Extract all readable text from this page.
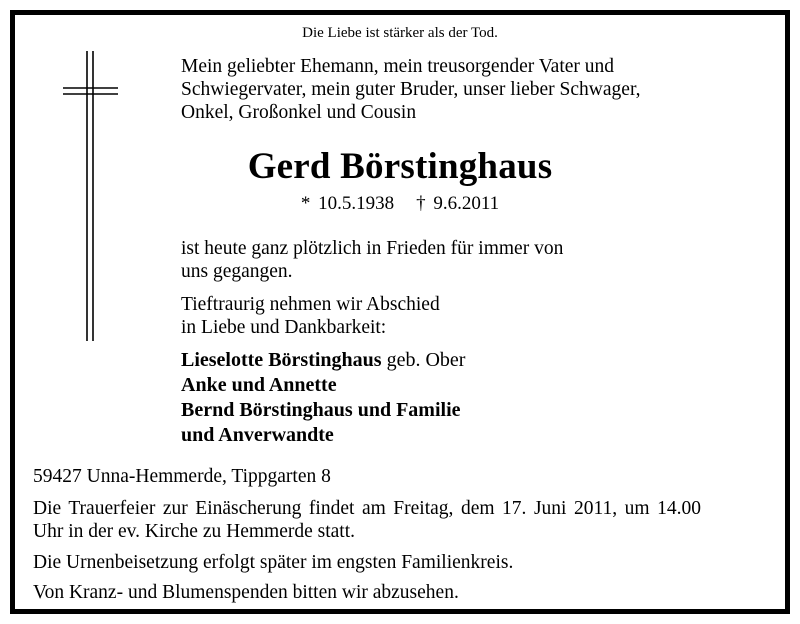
Die Liebe ist stärker als der Tod.
Mein geliebter Ehemann, mein treusorgender Vater und
Schwiegervater, mein guter Bruder, unser lieber Schwager,
Onkel, Großonkel und Cousin
Gerd Börstinghaus
* 10.5.1938 † 9.6.2011
ist heute ganz plötzlich in Frieden für immer von
uns gegangen.
Tieftraurig nehmen wir Abschied
in Liebe und Dankbarkeit:
Lieselotte Börstinghaus geb. Ober
Anke und Annette
Bernd Börstinghaus und Familie
und Anverwandte
59427 Unna-Hemmerde, Tippgarten 8
Die Trauerfeier zur Einäscherung findet am Freitag, dem 17. Juni 2011, um 14.00 Uhr in der ev. Kirche zu Hemmerde statt.
Die Urnenbeisetzung erfolgt später im engsten Familienkreis.
Von Kranz- und Blumenspenden bitten wir abzusehen.
